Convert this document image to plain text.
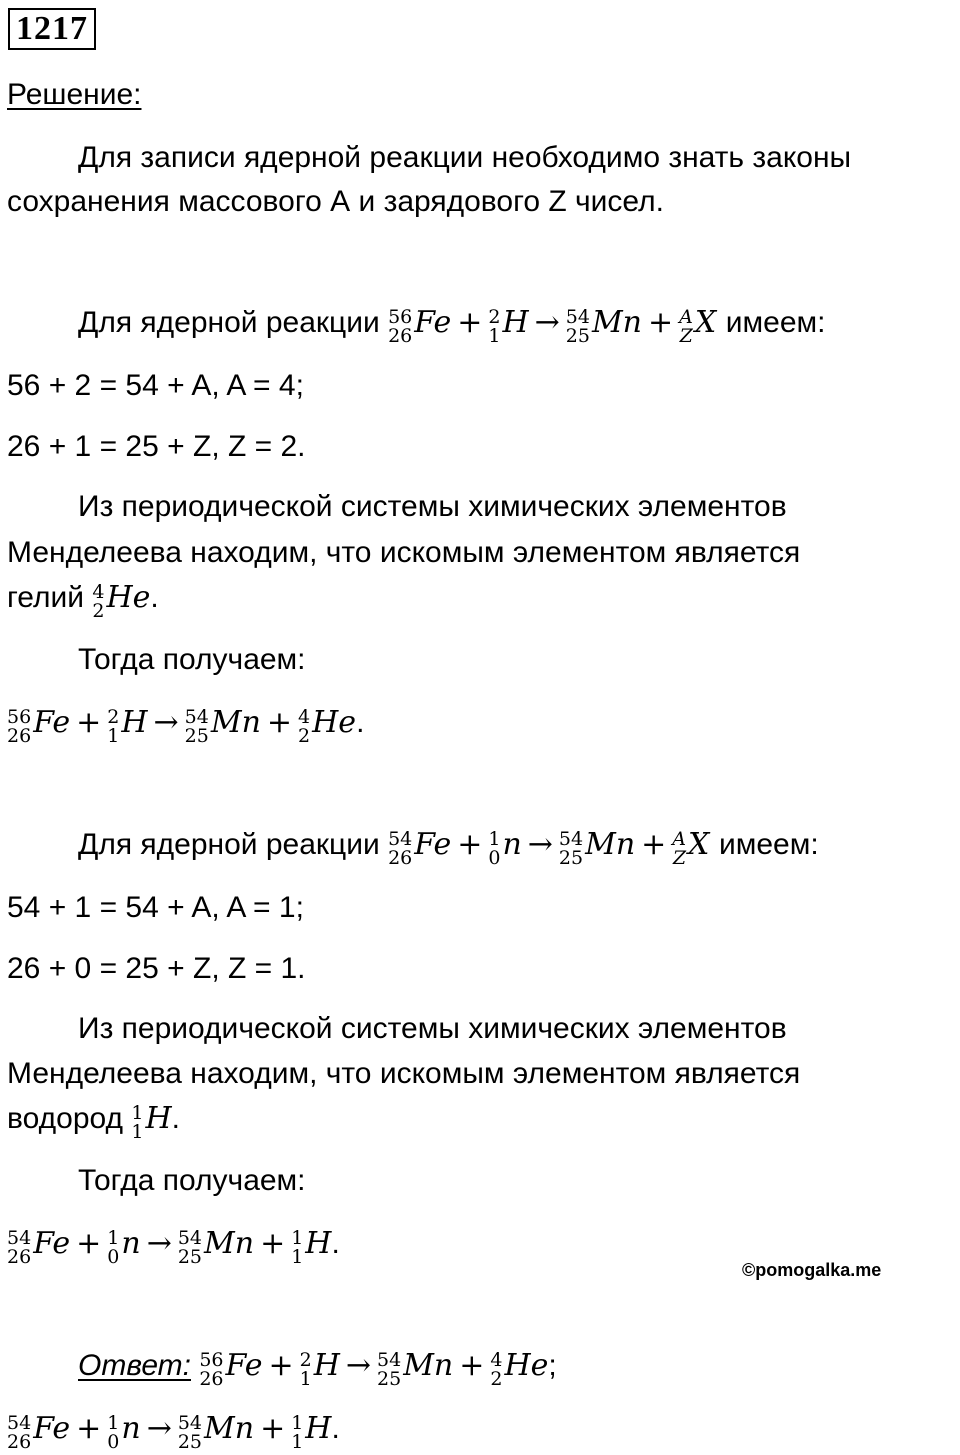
1217
Решение:
Для записи ядерной реакции необходимо знать законы
сохранения массового А и зарядового Z чисел.
Для ядерной реакции 56
26 Fe + 2
1 H → 54
25 Mn + A
Z X имеем:
56 + 2 = 54 + A, A = 4;
26 + 1 = 25 + Z, Z = 2.
Из периодической системы химических элементов
Менделеева находим, что искомым элементом является
гелий 4
2 He.
Тогда получаем:
56
26 Fe + 2
1 H → 54
25 Mn + 4
2 He.
Для ядерной реакции 54
26 Fe + 1
0 n → 54
25 Mn + A
Z X имеем:
54 + 1 = 54 + A, A = 1;
26 + 0 = 25 + Z, Z = 1.
Из периодической системы химических элементов
Менделеева находим, что искомым элементом является
водород 1
1 H.
Тогда получаем:
54
26 Fe + 1
0 n → 54
25 Mn + 1
1 H.
©pomogalka.me
Ответ: 56
26 Fe + 2
1 H → 54
25 Mn + 4
2 He;
54
26 Fe + 1
0 n → 54
25 Mn + 1
1 H.
